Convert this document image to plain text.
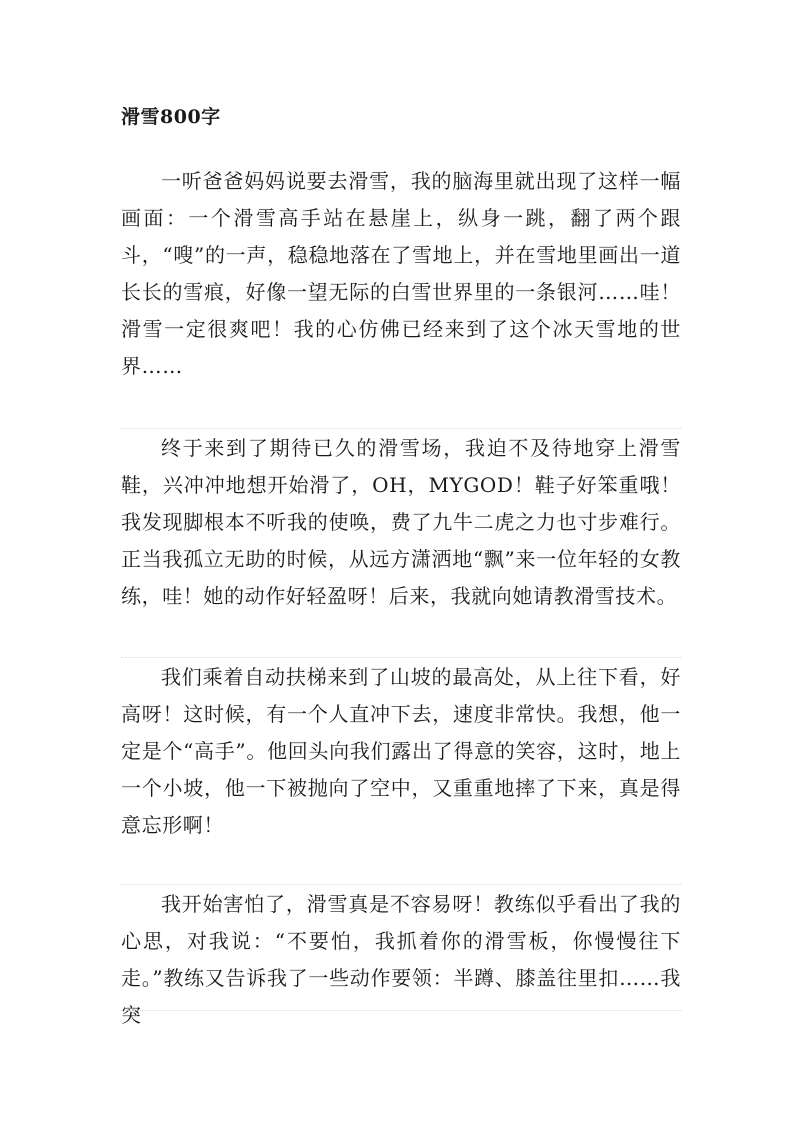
滑雪800字

一听爸爸妈妈说要去滑雪，我的脑海里就出现了这样一幅画面：一个滑雪高手站在悬崖上，纵身一跳，翻了两个跟斗，“嗖”的一声，稳稳地落在了雪地上，并在雪地里画出一道长长的雪痕，好像一望无际的白雪世界里的一条银河……哇！滑雪一定很爽吧！我的心仿佛已经来到了这个冰天雪地的世界……

终于来到了期待已久的滑雪场，我迫不及待地穿上滑雪鞋，兴冲冲地想开始滑了，OH，MYGOD！鞋子好笨重哦！我发现脚根本不听我的使唤，费了九牛二虎之力也寸步难行。正当我孤立无助的时候，从远方潇洒地“飘”来一位年轻的女教练，哇！她的动作好轻盈呀！后来，我就向她请教滑雪技术。

我们乘着自动扶梯来到了山坡的最高处，从上往下看，好高呀！这时候，有一个人直冲下去，速度非常快。我想，他一定是个“高手”。他回头向我们露出了得意的笑容，这时，地上一个小坡，他一下被抛向了空中，又重重地摔了下来，真是得意忘形啊！

我开始害怕了，滑雪真是不容易呀！教练似乎看出了我的心思，对我说：“不要怕，我抓着你的滑雪板，你慢慢往下走。”教练又告诉我了一些动作要领：半蹲、膝盖往里扣……我突
